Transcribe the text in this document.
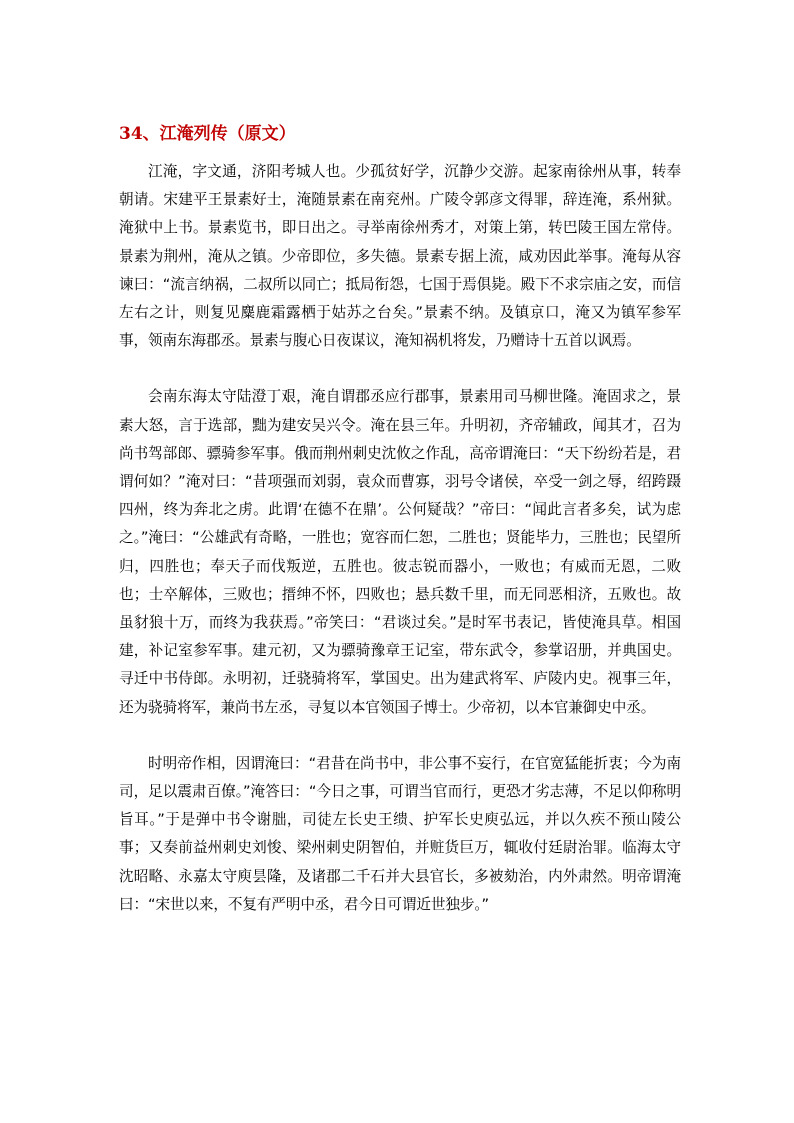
34、江淹列传（原文）

江淹，字文通，济阳考城人也。少孤贫好学，沉静少交游。起家南徐州从事，转奉朝请。宋建平王景素好士，淹随景素在南兖州。广陵令郭彦文得罪，辞连淹，系州狱。淹狱中上书。景素览书，即日出之。寻举南徐州秀才，对策上第，转巴陵王国左常侍。景素为荆州，淹从之镇。少帝即位，多失德。景素专据上流，咸劝因此举事。淹每从容谏曰：“流言纳祸，二叔所以同亡；抵局衔怨，七国于焉俱毙。殿下不求宗庙之安，而信左右之计，则复见麋鹿霜露栖于姑苏之台矣。”景素不纳。及镇京口，淹又为镇军参军事，领南东海郡丞。景素与腹心日夜谋议，淹知祸机将发，乃赠诗十五首以讽焉。

会南东海太守陆澄丁艰，淹自谓郡丞应行郡事，景素用司马柳世隆。淹固求之，景素大怒，言于选部，黜为建安吴兴令。淹在县三年。升明初，齐帝辅政，闻其才，召为尚书驾部郎、骠骑参军事。俄而荆州刺史沈攸之作乱，高帝谓淹曰：“天下纷纷若是，君谓何如？”淹对曰：“昔项强而刘弱，袁众而曹寡，羽号令诸侯，卒受一剑之辱，绍跨蹑四州，终为奔北之虏。此谓‘在德不在鼎’。公何疑哉？”帝曰：“闻此言者多矣，试为虑之。”淹曰：“公雄武有奇略，一胜也；宽容而仁恕，二胜也；贤能毕力，三胜也；民望所归，四胜也；奉天子而伐叛逆，五胜也。彼志锐而器小，一败也；有威而无恩，二败也；士卒解体，三败也；搢绅不怀，四败也；悬兵数千里，而无同恶相济，五败也。故虽豺狼十万，而终为我获焉。”帝笑曰：“君谈过矣。”是时军书表记，皆使淹具草。相国建，补记室参军事。建元初，又为骠骑豫章王记室，带东武令，参掌诏册，并典国史。寻迁中书侍郎。永明初，迁骁骑将军，掌国史。出为建武将军、庐陵内史。视事三年，还为骁骑将军，兼尚书左丞，寻复以本官领国子博士。少帝初，以本官兼御史中丞。

时明帝作相，因谓淹曰：“君昔在尚书中，非公事不妄行，在官宽猛能折衷；今为南司，足以震肃百僚。”淹答曰：“今日之事，可谓当官而行，更恐才劣志薄，不足以仰称明旨耳。”于是弹中书令谢朏，司徒左长史王缋、护军长史庾弘远，并以久疾不预山陵公事；又奏前益州刺史刘悛、梁州刺史阴智伯，并赃货巨万，辄收付廷尉治罪。临海太守沈昭略、永嘉太守庾昙隆，及诸郡二千石并大县官长，多被劾治，内外肃然。明帝谓淹曰：“宋世以来，不复有严明中丞，君今日可谓近世独步。”
